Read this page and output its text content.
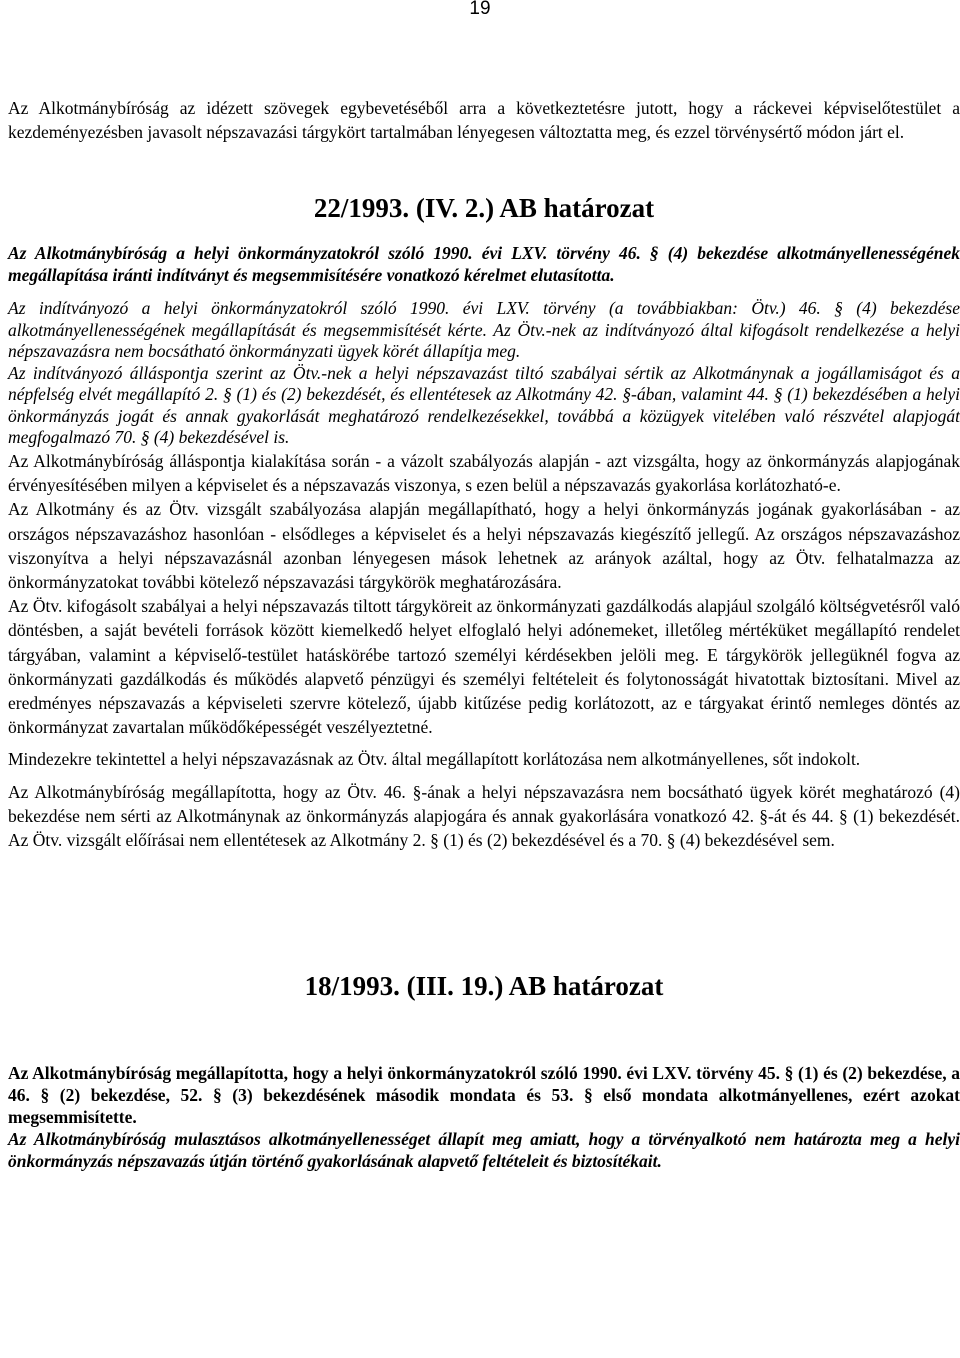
19

Az Alkotmánybíróság az idézett szövegek egybevetéséből arra a következtetésre jutott, hogy a ráckevei képviselőtestület a kezdeményezésben javasolt népszavazási tárgykört tartalmában lényegesen változtatta meg, és ezzel törvénysértő módon járt el.

22/1993. (IV. 2.) AB határozat

Az Alkotmánybíróság a helyi önkormányzatokról szóló 1990. évi LXV. törvény 46. § (4) bekezdése alkotmányellenességének megállapítása iránti indítványt és megsemmisítésére vonatkozó kérelmet elutasította.

Az indítványozó a helyi önkormányzatokról szóló 1990. évi LXV. törvény (a továbbiakban: Ötv.) 46. § (4) bekezdése alkotmányellenességének megállapítását és megsemmisítését kérte. Az Ötv.-nek az indítványozó által kifogásolt rendelkezése a helyi népszavazásra nem bocsátható önkormányzati ügyek körét állapítja meg.

Az indítványozó álláspontja szerint az Ötv.-nek a helyi népszavazást tiltó szabályai sértik az Alkotmánynak a jogállamiságot és a népfelség elvét megállapító 2. § (1) és (2) bekezdését, és ellentétesek az Alkotmány 42. §-ában, valamint 44. § (1) bekezdésében a helyi önkormányzás jogát és annak gyakorlását meghatározó rendelkezésekkel, továbbá a közügyek vitelében való részvétel alapjogát megfogalmazó 70. § (4) bekezdésével is.

Az Alkotmánybíróság álláspontja kialakítása során - a vázolt szabályozás alapján - azt vizsgálta, hogy az önkormányzás alapjogának érvényesítésében milyen a képviselet és a népszavazás viszonya, s ezen belül a népszavazás gyakorlása korlátozható-e.

Az Alkotmány és az Ötv. vizsgált szabályozása alapján megállapítható, hogy a helyi önkormányzás jogának gyakorlásában - az országos népszavazáshoz hasonlóan - elsődleges a képviselet és a helyi népszavazás kiegészítő jellegű. Az országos népszavazáshoz viszonyítva a helyi népszavazásnál azonban lényegesen mások lehetnek az arányok azáltal, hogy az Ötv. felhatalmazza az önkormányzatokat további kötelező népszavazási tárgykörök meghatározására.

Az Ötv. kifogásolt szabályai a helyi népszavazás tiltott tárgyköreit az önkormányzati gazdálkodás alapjául szolgáló költségvetésről való döntésben, a saját bevételi források között kiemelkedő helyet elfoglaló helyi adónemeket, illetőleg mértéküket megállapító rendelet tárgyában, valamint a képviselő-testület hatáskörébe tartozó személyi kérdésekben jelöli meg. E tárgykörök jellegüknél fogva az önkormányzati gazdálkodás és működés alapvető pénzügyi és személyi feltételeit és folytonosságát hivatottak biztosítani. Mivel az eredményes népszavazás a képviseleti szervre kötelező, újabb kitűzése pedig korlátozott, az e tárgyakat érintő nemleges döntés az önkormányzat zavartalan működőképességét veszélyeztetné.

Mindezekre tekintettel a helyi népszavazásnak az Ötv. által megállapított korlátozása nem alkotmányellenes, sőt indokolt.

Az Alkotmánybíróság megállapította, hogy az Ötv. 46. §-ának a helyi népszavazásra nem bocsátható ügyek körét meghatározó (4) bekezdése nem sérti az Alkotmánynak az önkormányzás alapjogára és annak gyakorlására vonatkozó 42. §-át és 44. § (1) bekezdését. Az Ötv. vizsgált előírásai nem ellentétesek az Alkotmány 2. § (1) és (2) bekezdésével és a 70. § (4) bekezdésével sem.

18/1993. (III. 19.) AB határozat

Az Alkotmánybíróság megállapította, hogy a helyi önkormányzatokról szóló 1990. évi LXV. törvény 45. § (1) és (2) bekezdése, a 46. § (2) bekezdése, 52. § (3) bekezdésének második mondata és 53. § első mondata alkotmányellenes, ezért azokat megsemmisítette.

Az Alkotmánybíróság mulasztásos alkotmányellenességet állapít meg amiatt, hogy a törvényalkotó nem határozta meg a helyi önkormányzás népszavazás útján történő gyakorlásának alapvető feltételeit és biztosítékait.
